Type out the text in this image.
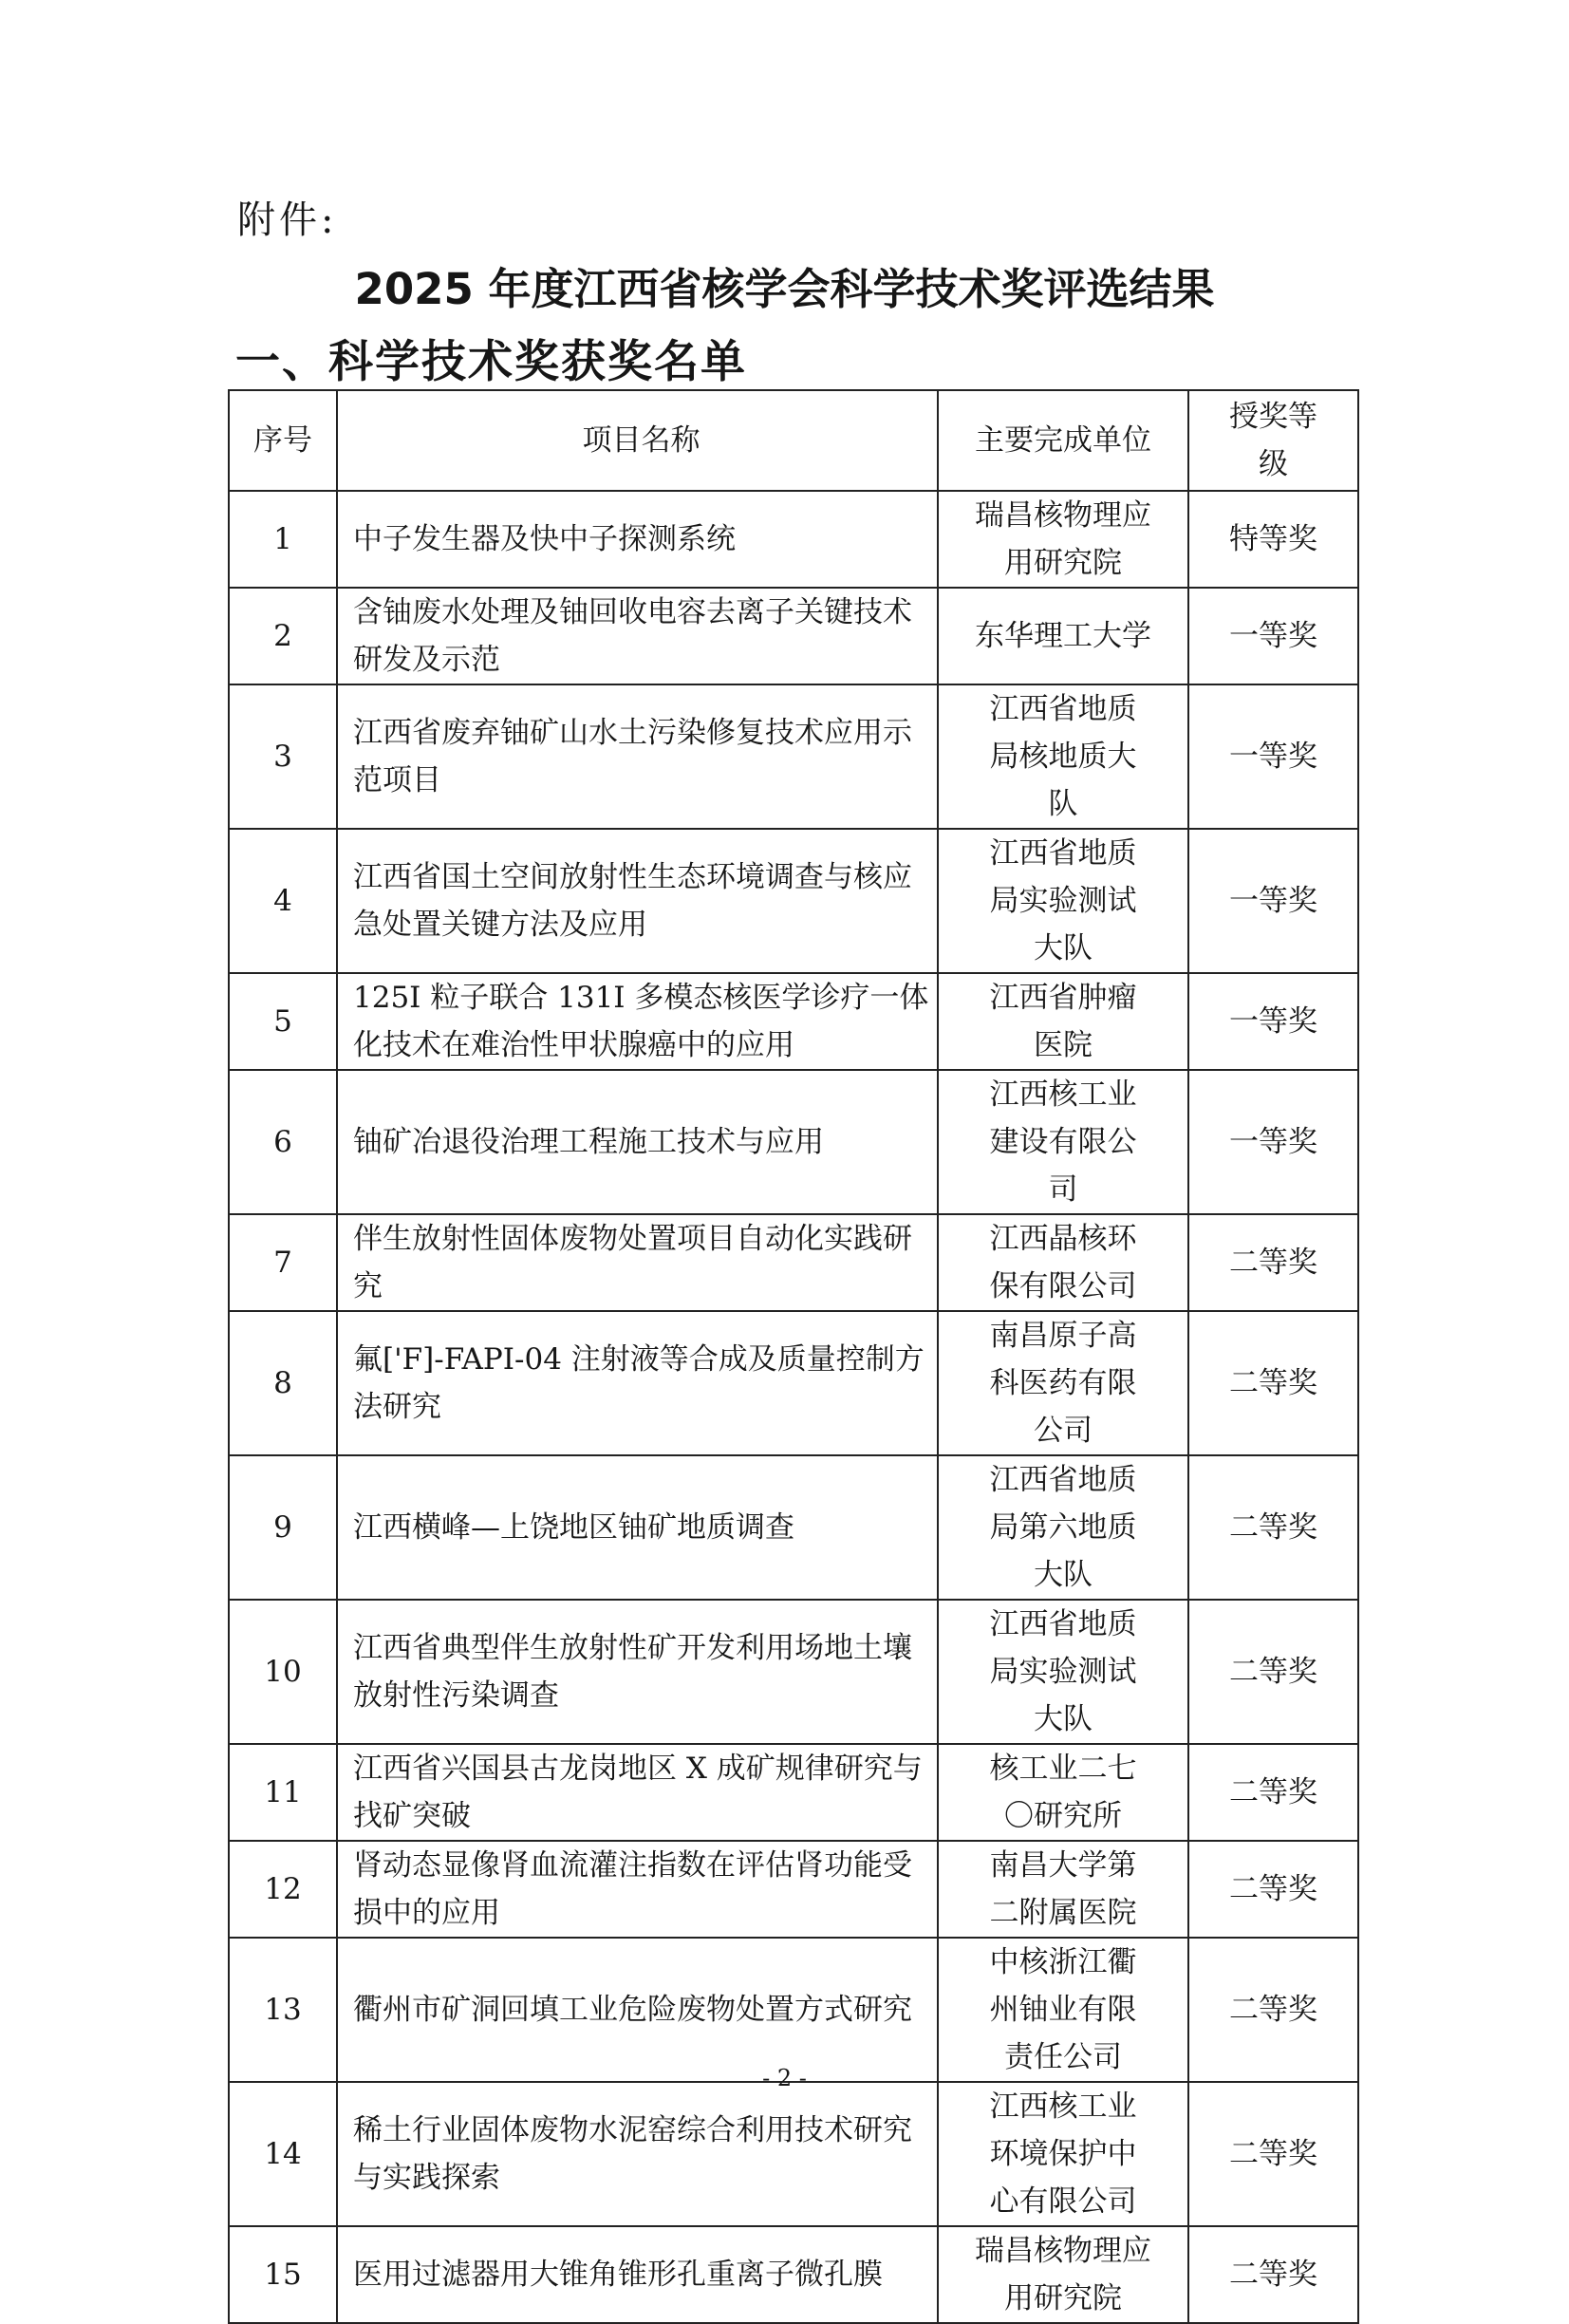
附件:
2025 年度江西省核学会科学技术奖评选结果
一、科学技术奖获奖名单
序号	项目名称	主要完成单位	授奖等级
1	中子发生器及快中子探测系统	瑞昌核物理应用研究院	特等奖
2	含铀废水处理及铀回收电容去离子关键技术研发及示范	东华理工大学	一等奖
3	江西省废弃铀矿山水土污染修复技术应用示范项目	江西省地质局核地质大队	一等奖
4	江西省国土空间放射性生态环境调查与核应急处置关键方法及应用	江西省地质局实验测试大队	一等奖
5	125I 粒子联合 131I 多模态核医学诊疗一体化技术在难治性甲状腺癌中的应用	江西省肿瘤医院	一等奖
6	铀矿冶退役治理工程施工技术与应用	江西核工业建设有限公司	一等奖
7	伴生放射性固体废物处置项目自动化实践研究	江西晶核环保有限公司	二等奖
8	氟['F]-FAPI-04 注射液等合成及质量控制方法研究	南昌原子高科医药有限公司	二等奖
9	江西横峰—上饶地区铀矿地质调查	江西省地质局第六地质大队	二等奖
10	江西省典型伴生放射性矿开发利用场地土壤放射性污染调查	江西省地质局实验测试大队	二等奖
11	江西省兴国县古龙岗地区 X 成矿规律研究与找矿突破	核工业二七〇研究所	二等奖
12	肾动态显像肾血流灌注指数在评估肾功能受损中的应用	南昌大学第二附属医院	二等奖
13	衢州市矿洞回填工业危险废物处置方式研究	中核浙江衢州铀业有限责任公司	二等奖
14	稀土行业固体废物水泥窑综合利用技术研究与实践探索	江西核工业环境保护中心有限公司	二等奖
15	医用过滤器用大锥角锥形孔重离子微孔膜	瑞昌核物理应用研究院	二等奖
- 2 -
